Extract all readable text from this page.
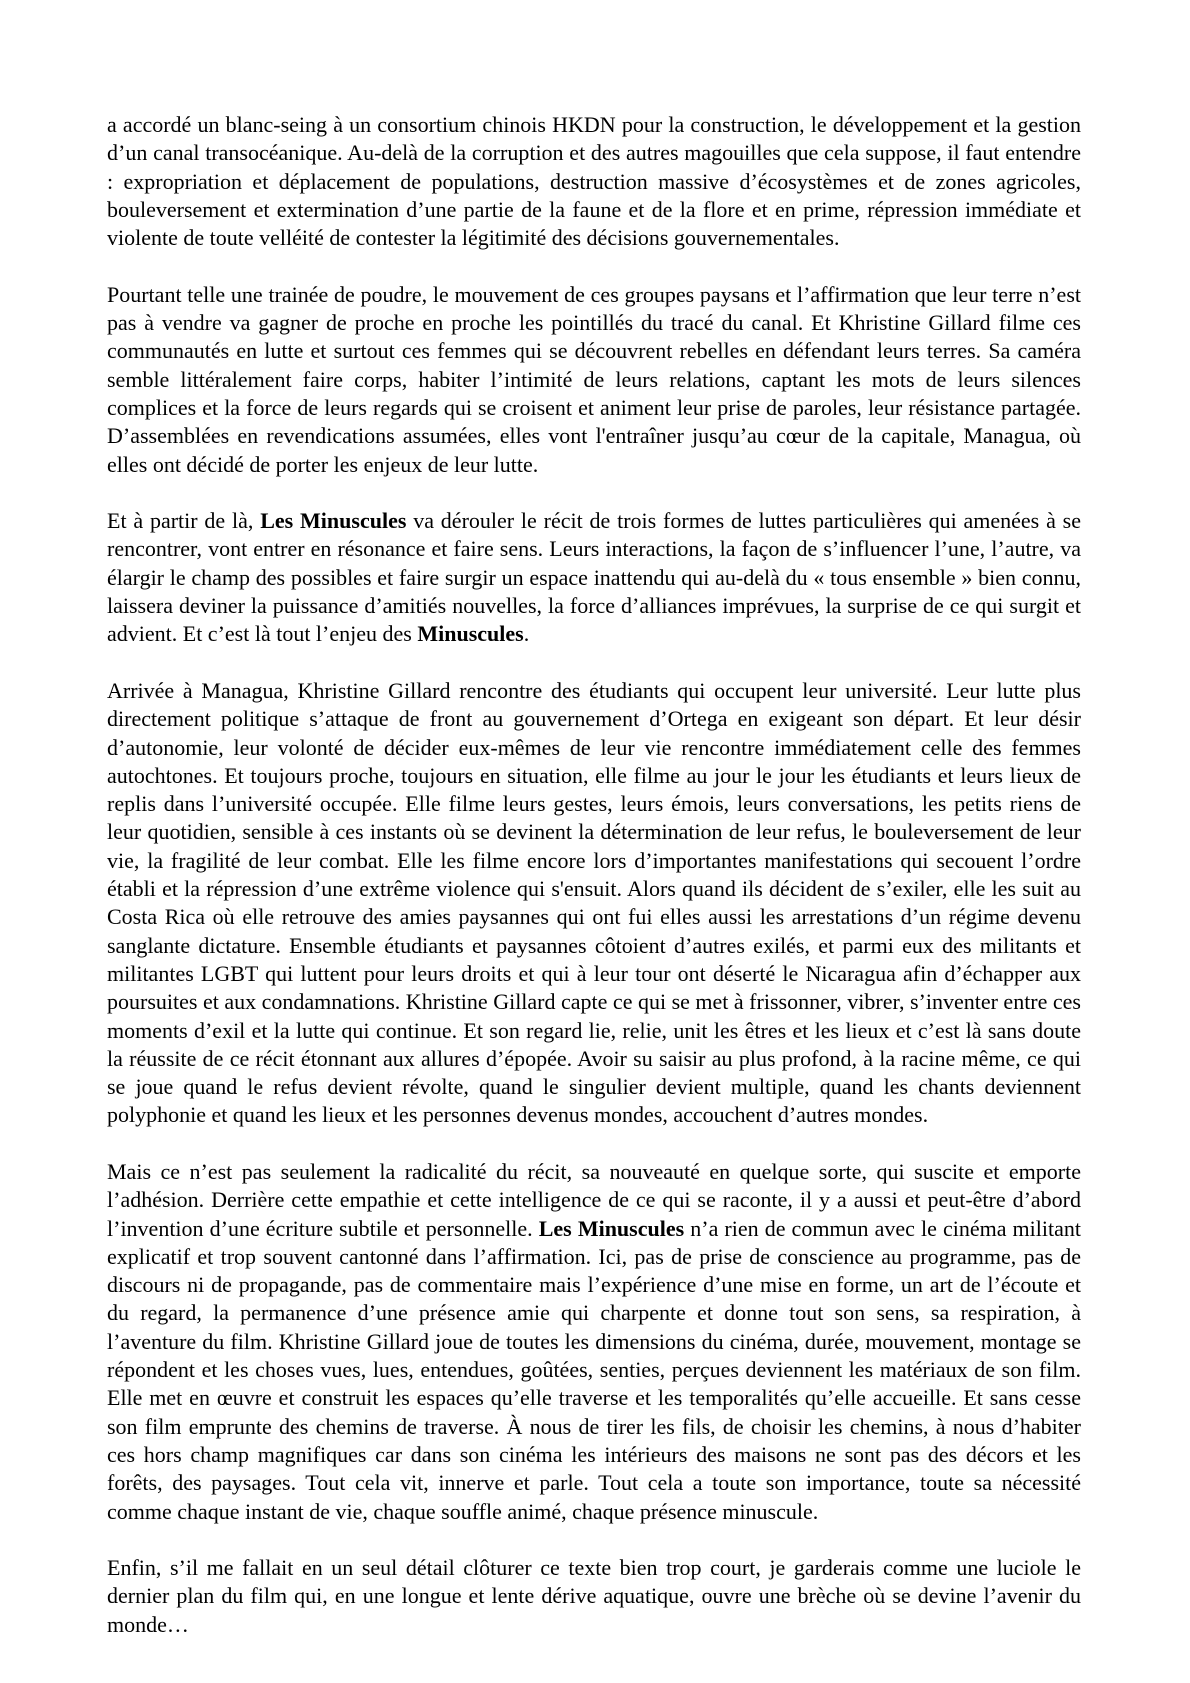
a accordé un blanc-seing à un consortium chinois HKDN pour la construction, le développement et la gestion d’un canal transocéanique. Au-delà de la corruption et des autres magouilles que cela suppose, il faut entendre : expropriation et déplacement de populations, destruction massive d’écosystèmes et de zones agricoles, bouleversement et extermination d’une partie de la faune et de la flore et en prime, répression immédiate et violente de toute velléité de contester la légitimité des décisions gouvernementales.

Pourtant telle une trainée de poudre, le mouvement de ces groupes paysans et l’affirmation que leur terre n’est pas à vendre va gagner de proche en proche les pointillés du tracé du canal. Et Khristine Gillard filme ces communautés en lutte et surtout ces femmes qui se découvrent rebelles en défendant leurs terres. Sa caméra semble littéralement faire corps, habiter l’intimité de leurs relations, captant les mots de leurs silences complices et la force de leurs regards qui se croisent et animent leur prise de paroles, leur résistance partagée. D’assemblées en revendications assumées, elles vont l'entraîner jusqu’au cœur de la capitale, Managua, où elles ont décidé de porter les enjeux de leur lutte.

Et à partir de là, Les Minuscules va dérouler le récit de trois formes de luttes particulières qui amenées à se rencontrer, vont entrer en résonance et faire sens. Leurs interactions, la façon de s’influencer l’une, l’autre, va élargir le champ des possibles et faire surgir un espace inattendu qui au-delà du « tous ensemble » bien connu, laissera deviner la puissance d’amitiés nouvelles, la force d’alliances imprévues, la surprise de ce qui surgit et advient. Et c’est là tout l’enjeu des Minuscules.

Arrivée à Managua, Khristine Gillard rencontre des étudiants qui occupent leur université. Leur lutte plus directement politique s’attaque de front au gouvernement d’Ortega en exigeant son départ. Et leur désir d’autonomie, leur volonté de décider eux-mêmes de leur vie rencontre immédiatement celle des femmes autochtones. Et toujours proche, toujours en situation, elle filme au jour le jour les étudiants et leurs lieux de replis dans l’université occupée. Elle filme leurs gestes, leurs émois, leurs conversations, les petits riens de leur quotidien, sensible à ces instants où se devinent la détermination de leur refus, le bouleversement de leur vie, la fragilité de leur combat. Elle les filme encore lors d’importantes manifestations qui secouent l’ordre établi et la répression d’une extrême violence qui s'ensuit. Alors quand ils décident de s’exiler, elle les suit au Costa Rica où elle retrouve des amies paysannes qui ont fui elles aussi les arrestations d’un régime devenu sanglante dictature. Ensemble étudiants et paysannes côtoient d’autres exilés, et parmi eux des militants et militantes LGBT qui luttent pour leurs droits et qui à leur tour ont déserté le Nicaragua afin d’échapper aux poursuites et aux condamnations. Khristine Gillard capte ce qui se met à frissonner, vibrer, s’inventer entre ces moments d’exil et la lutte qui continue. Et son regard lie, relie, unit les êtres et les lieux et c’est là sans doute la réussite de ce récit étonnant aux allures d’épopée. Avoir su saisir au plus profond, à la racine même, ce qui se joue quand le refus devient révolte, quand le singulier devient multiple, quand les chants deviennent polyphonie et quand les lieux et les personnes devenus mondes, accouchent d’autres mondes.

Mais ce n’est pas seulement la radicalité du récit, sa nouveauté en quelque sorte, qui suscite et emporte l’adhésion. Derrière cette empathie et cette intelligence de ce qui se raconte, il y a aussi et peut-être d’abord l’invention d’une écriture subtile et personnelle. Les Minuscules n’a rien de commun avec le cinéma militant explicatif et trop souvent cantonné dans l’affirmation. Ici, pas de prise de conscience au programme, pas de discours ni de propagande, pas de commentaire mais l’expérience d’une mise en forme, un art de l’écoute et du regard, la permanence d’une présence amie qui charpente et donne tout son sens, sa respiration, à l’aventure du film. Khristine Gillard joue de toutes les dimensions du cinéma, durée, mouvement, montage se répondent et les choses vues, lues, entendues, goûtées, senties, perçues deviennent les matériaux de son film. Elle met en œuvre et construit les espaces qu’elle traverse et les temporalités qu’elle accueille. Et sans cesse son film emprunte des chemins de traverse. À nous de tirer les fils, de choisir les chemins, à nous d’habiter ces hors champ magnifiques car dans son cinéma les intérieurs des maisons ne sont pas des décors et les forêts, des paysages. Tout cela vit, innerve et parle. Tout cela a toute son importance, toute sa nécessité comme chaque instant de vie, chaque souffle animé, chaque présence minuscule.

Enfin, s’il me fallait en un seul détail clôturer ce texte bien trop court, je garderais comme une luciole le dernier plan du film qui, en une longue et lente dérive aquatique, ouvre une brèche où se devine l’avenir du monde…
